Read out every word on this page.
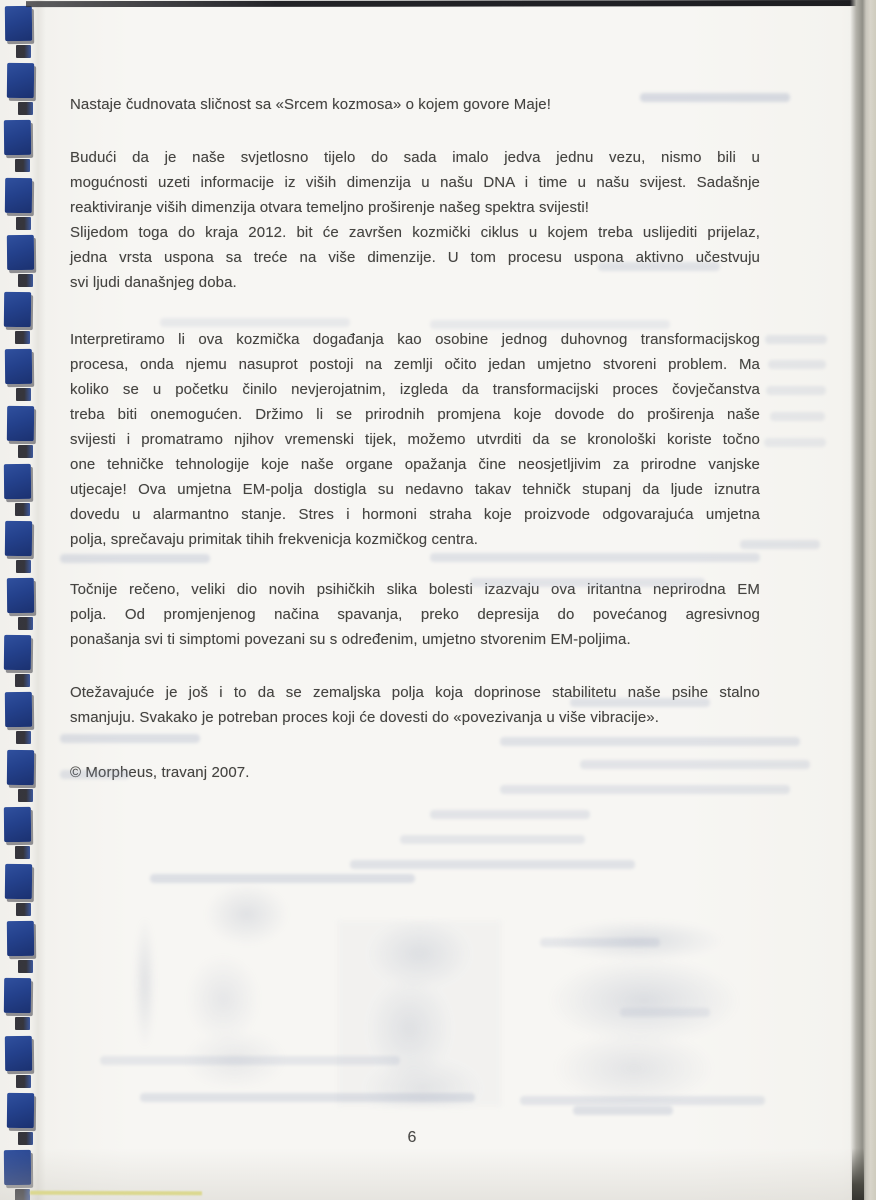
Nastaje čudnovata sličnost sa «Srcem kozmosa» o kojem govore Maje!
Budući da je naše svjetlosno tijelo do sada imalo jedva jednu vezu, nismo bili u
mogućnosti uzeti informacije iz viših dimenzija u našu DNA i time u našu svijest. Sadašnje
reaktiviranje viših dimenzija otvara temeljno proširenje našeg spektra svijesti!
Slijedom toga do kraja 2012. bit će završen kozmički ciklus u kojem treba uslijediti prijelaz,
jedna vrsta uspona sa treće na više dimenzije. U tom procesu uspona aktivno učestvuju
svi ljudi današnjeg doba.
Interpretiramo li ova kozmička događanja kao osobine jednog duhovnog transformacijskog
procesa, onda njemu nasuprot postoji na zemlji očito jedan umjetno stvoreni problem. Ma
koliko se u početku činilo nevjerojatnim, izgleda da transformacijski proces čovječanstva
treba biti onemogućen. Držimo li se prirodnih promjena koje dovode do proširenja naše
svijesti i promatramo njihov vremenski tijek, možemo utvrditi da se kronološki koriste točno
one tehničke tehnologije koje naše organe opažanja čine neosjetljivim za prirodne vanjske
utjecaje! Ova umjetna EM-polja dostigla su nedavno takav tehničk stupanj da ljude iznutra
dovedu u alarmantno stanje. Stres i hormoni straha koje proizvode odgovarajuća umjetna
polja, sprečavaju primitak tihih frekvenicja kozmičkog centra.
Točnije rečeno, veliki dio novih psihičkih slika bolesti izazvaju ova iritantna neprirodna EM
polja. Od promjenjenog načina spavanja, preko depresija do povećanog agresivnog
ponašanja svi ti simptomi povezani su s određenim, umjetno stvorenim EM-poljima.
Otežavajuće je još i to da se zemaljska polja koja doprinose stabilitetu naše psihe stalno
smanjuju. Svakako je potreban proces koji će dovesti do «povezivanja u više vibracije».
© Morpheus, travanj 2007.
6
